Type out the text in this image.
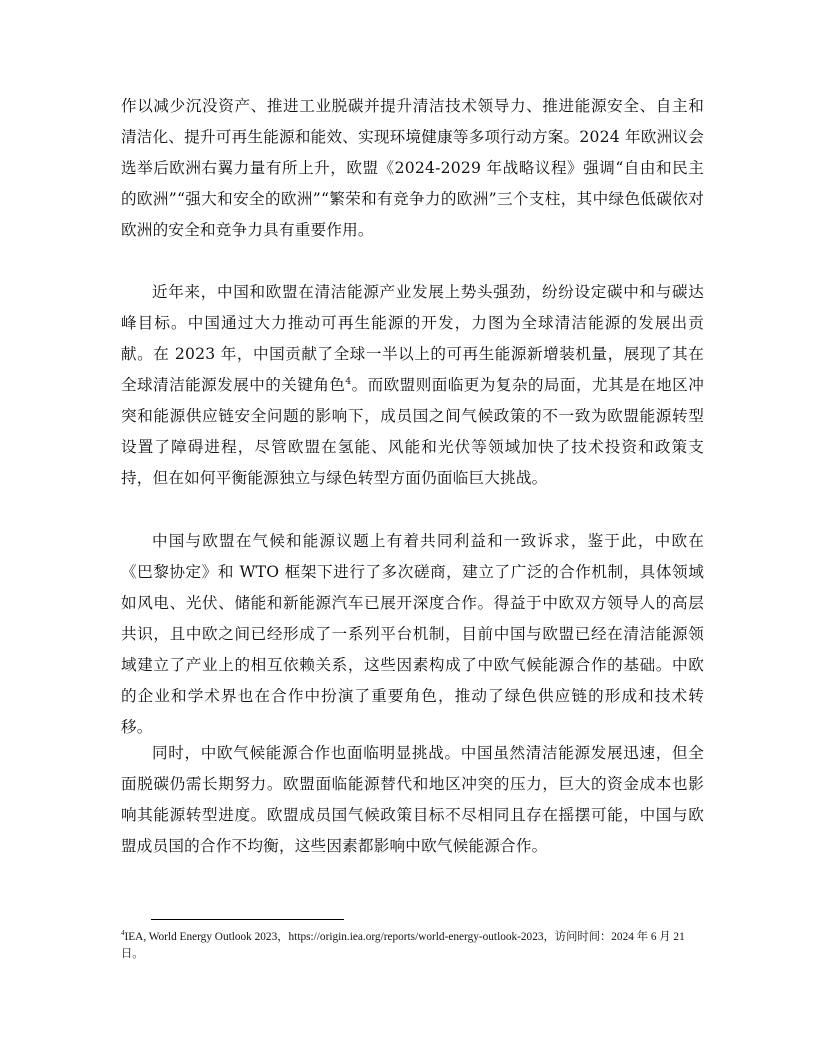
作以减少沉没资产、推进工业脱碳并提升清洁技术领导力、推进能源安全、自主和清洁化、提升可再生能源和能效、实现环境健康等多项行动方案。2024 年欧洲议会选举后欧洲右翼力量有所上升，欧盟《2024-2029 年战略议程》强调“自由和民主的欧洲”“强大和安全的欧洲”“繁荣和有竞争力的欧洲”三个支柱，其中绿色低碳依对欧洲的安全和竞争力具有重要作用。

近年来，中国和欧盟在清洁能源产业发展上势头强劲，纷纷设定碳中和与碳达峰目标。中国通过大力推动可再生能源的开发，力图为全球清洁能源的发展出贡献。在 2023 年，中国贡献了全球一半以上的可再生能源新增装机量，展现了其在全球清洁能源发展中的关键角色$^4$。而欧盟则面临更为复杂的局面，尤其是在地区冲突和能源供应链安全问题的影响下，成员国之间气候政策的不一致为欧盟能源转型设置了障碍进程，尽管欧盟在氢能、风能和光伏等领域加快了技术投资和政策支持，但在如何平衡能源独立与绿色转型方面仍面临巨大挑战。

中国与欧盟在气候和能源议题上有着共同利益和一致诉求，鉴于此，中欧在《巴黎协定》和 WTO 框架下进行了多次磋商，建立了广泛的合作机制，具体领域如风电、光伏、储能和新能源汽车已展开深度合作。得益于中欧双方领导人的高层共识，且中欧之间已经形成了一系列平台机制，目前中国与欧盟已经在清洁能源领域建立了产业上的相互依赖关系，这些因素构成了中欧气候能源合作的基础。中欧的企业和学术界也在合作中扮演了重要角色，推动了绿色供应链的形成和技术转移。

同时，中欧气候能源合作也面临明显挑战。中国虽然清洁能源发展迅速，但全面脱碳仍需长期努力。欧盟面临能源替代和地区冲突的压力，巨大的资金成本也影响其能源转型进度。欧盟成员国气候政策目标不尽相同且存在摇摆可能，中国与欧盟成员国的合作不均衡，这些因素都影响中欧气候能源合作。

$^4$IEA, World Energy Outlook 2023，https://origin.iea.org/reports/world-energy-outlook-2023，访问时间：2024 年 6 月 21 日。
